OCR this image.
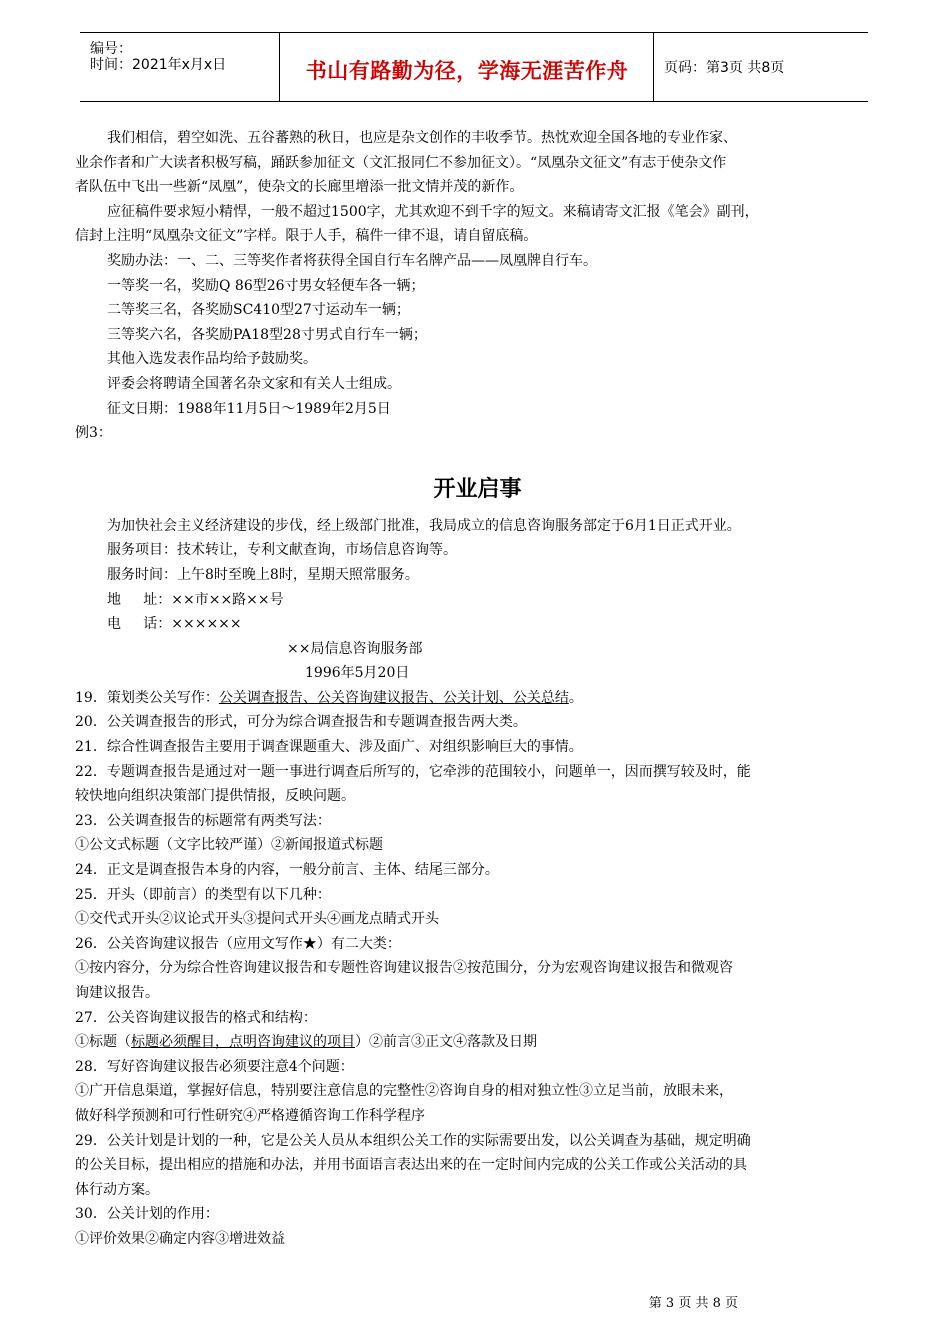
编号：
时间：2021年x月x日	书山有路勤为径，学海无涯苦作舟	页码：第3页 共8页
我们相信，碧空如洗、五谷蕃熟的秋日，也应是杂文创作的丰收季节。热忱欢迎全国各地的专业作家、
业余作者和广大读者积极写稿，踊跃参加征文（文汇报同仁不参加征文）。“凤凰杂文征文”有志于使杂文作
者队伍中飞出一些新“凤凰”，使杂文的长廊里增添一批文情并茂的新作。
应征稿件要求短小精悍，一般不超过1500字，尤其欢迎不到千字的短文。来稿请寄文汇报《笔会》副刊，
信封上注明“凤凰杂文征文”字样。限于人手，稿件一律不退，请自留底稿。
奖励办法：一、二、三等奖作者将获得全国自行车名牌产品——凤凰牌自行车。
一等奖一名，奖励Q 86型26寸男女轻便车各一辆；
二等奖三名，各奖励SC410型27寸运动车一辆；
三等奖六名，各奖励PA18型28寸男式自行车一辆；
其他入选发表作品均给予鼓励奖。
评委会将聘请全国著名杂文家和有关人士组成。
征文日期：1988年11月5日～1989年2月5日
例3：
开业启事
为加快社会主义经济建设的步伐，经上级部门批准，我局成立的信息咨询服务部定于6月1日正式开业。
服务项目：技术转让，专利文献查询，市场信息咨询等。
服务时间：上午8时至晚上8时，星期天照常服务。
地     址：××市××路××号
电     话：××××××
××局信息咨询服务部
1996年5月20日
19．策划类公关写作：公关调查报告、公关咨询建议报告、公关计划、公关总结。
20．公关调查报告的形式，可分为综合调查报告和专题调查报告两大类。
21．综合性调查报告主要用于调查课题重大、涉及面广、对组织影响巨大的事情。
22．专题调查报告是通过对一题一事进行调查后所写的，它牵涉的范围较小，问题单一，因而撰写较及时，能
较快地向组织决策部门提供情报，反映问题。
23．公关调查报告的标题常有两类写法：
①公文式标题（文字比较严谨）②新闻报道式标题
24．正文是调查报告本身的内容，一般分前言、主体、结尾三部分。
25．开头（即前言）的类型有以下几种：
①交代式开头②议论式开头③提问式开头④画龙点睛式开头
26．公关咨询建议报告（应用文写作★）有二大类：
①按内容分，分为综合性咨询建议报告和专题性咨询建议报告②按范围分，分为宏观咨询建议报告和微观咨
询建议报告。
27．公关咨询建议报告的格式和结构：
①标题（标题必须醒目，点明咨询建议的项目）②前言③正文④落款及日期
28．写好咨询建议报告必须要注意4个问题：
①广开信息渠道，掌握好信息，特别要注意信息的完整性②咨询自身的相对独立性③立足当前，放眼未来，
做好科学预测和可行性研究④严格遵循咨询工作科学程序
29．公关计划是计划的一种，它是公关人员从本组织公关工作的实际需要出发，以公关调查为基础，规定明确
的公关目标，提出相应的措施和办法，并用书面语言表达出来的在一定时间内完成的公关工作或公关活动的具
体行动方案。
30．公关计划的作用：
①评价效果②确定内容③增进效益
第 3 页 共 8 页
